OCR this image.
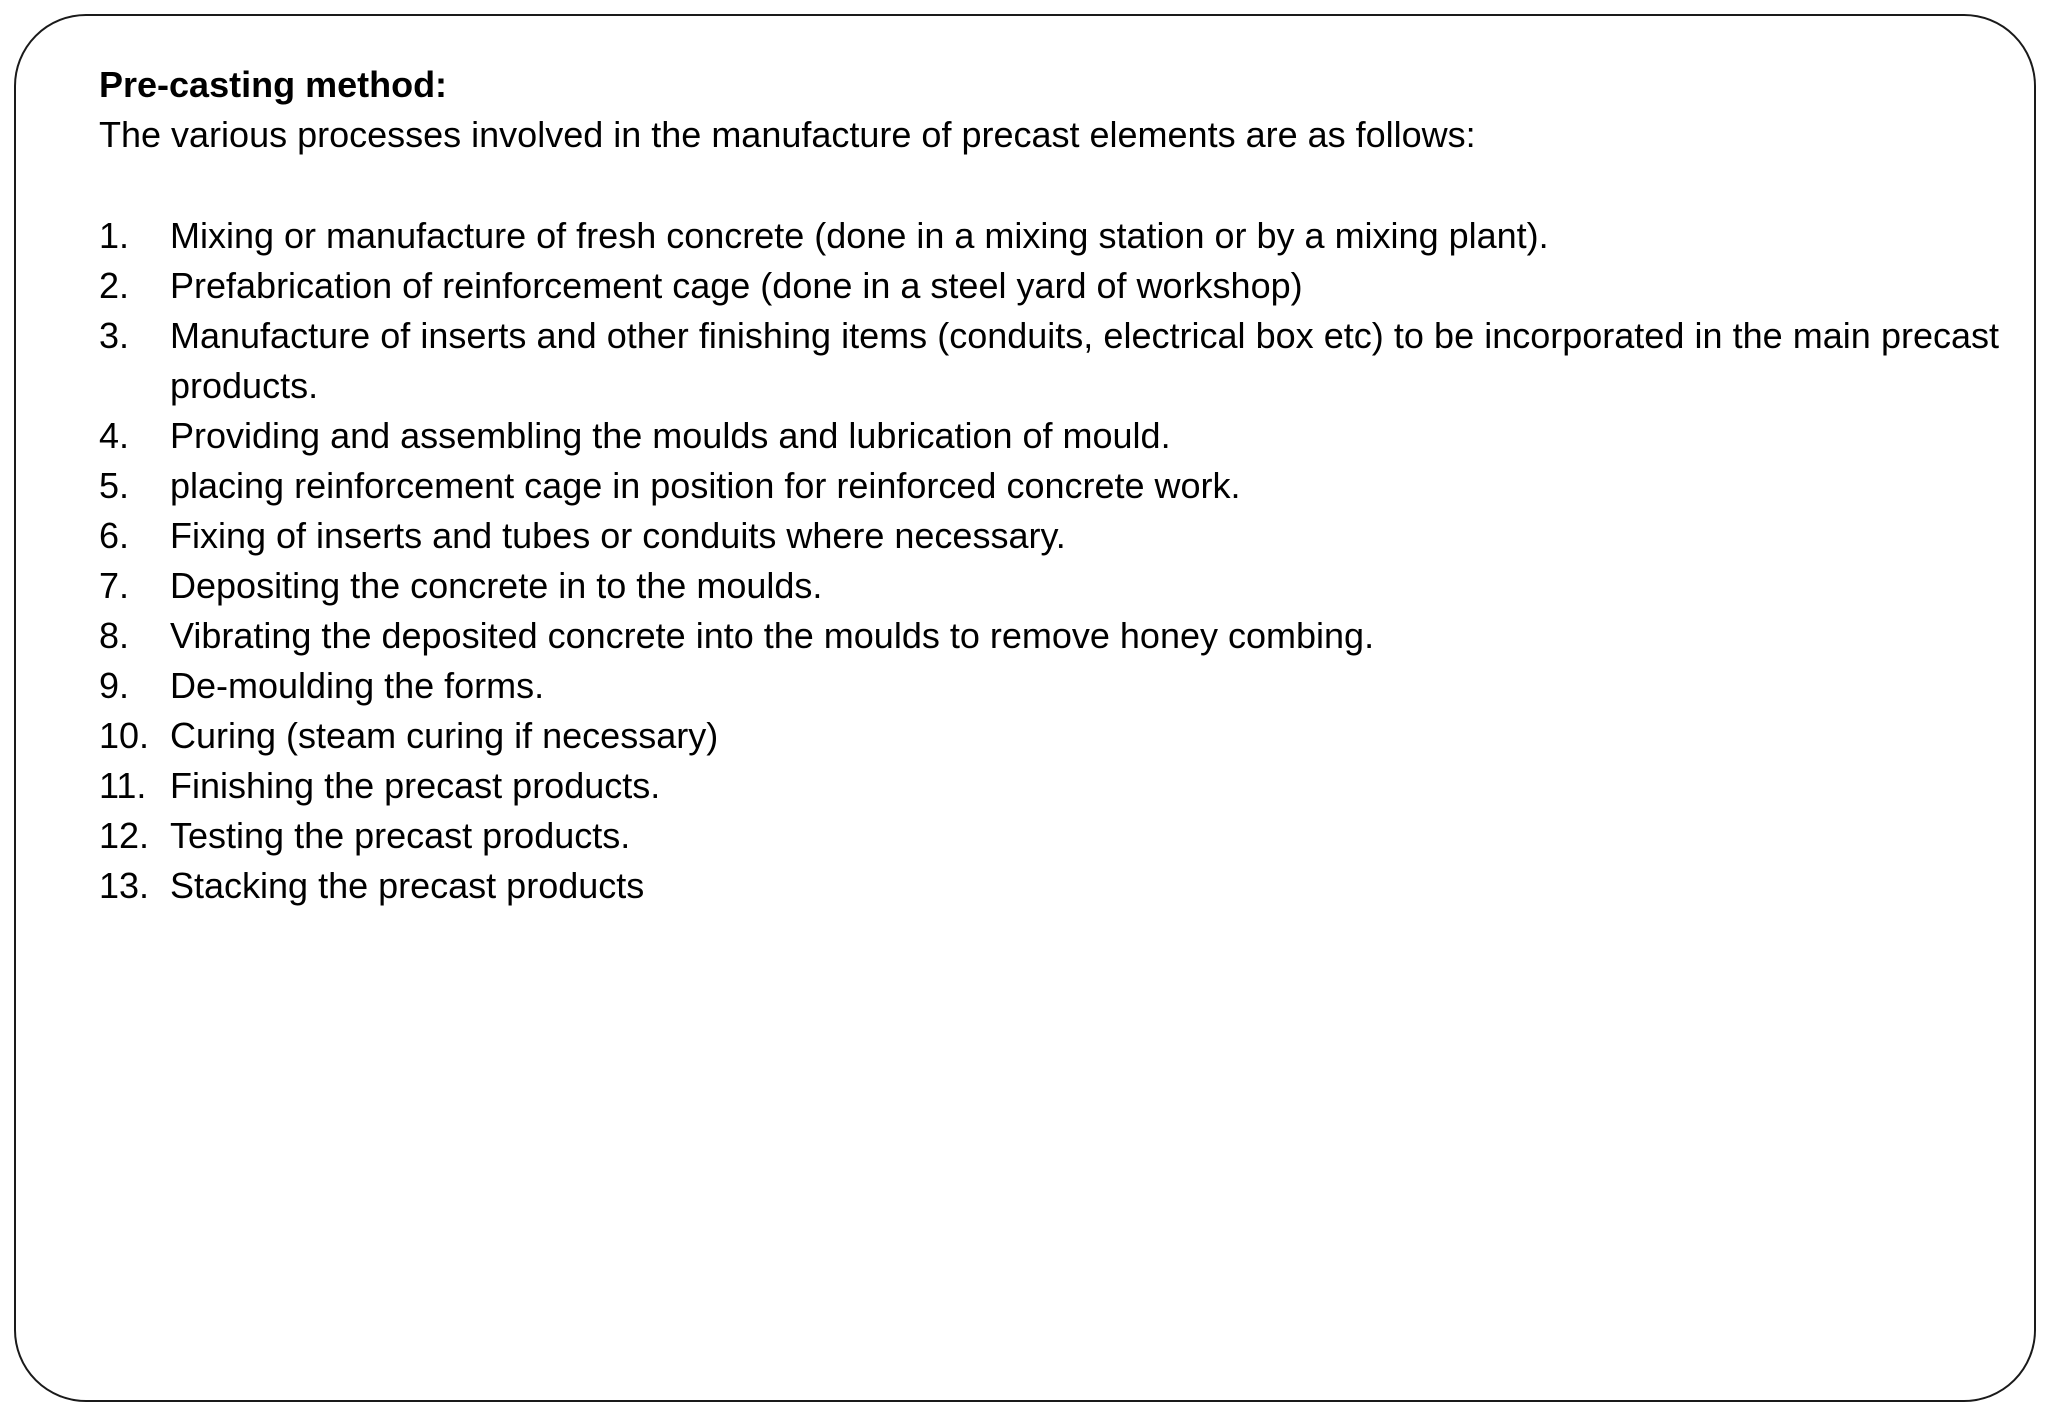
Pre-casting method:

The various processes involved in the manufacture of precast elements are as follows:

1.	Mixing or manufacture of fresh concrete (done in a mixing station or by a mixing plant).
2.	Prefabrication of reinforcement cage (done in a steel yard of workshop)
3.	Manufacture of inserts and other finishing items (conduits, electrical box etc) to be incorporated in the main precast products.
4.	Providing and assembling the moulds and lubrication of mould.
5.	placing reinforcement cage in position for reinforced concrete work.
6.	Fixing of inserts and tubes or conduits where necessary.
7.	Depositing the concrete in to the moulds.
8.	Vibrating the deposited concrete into the moulds to remove honey combing.
9.	De-moulding the forms.
10. Curing (steam curing if necessary)
11. Finishing the precast products.
12. Testing the precast products.
13. Stacking the precast products
